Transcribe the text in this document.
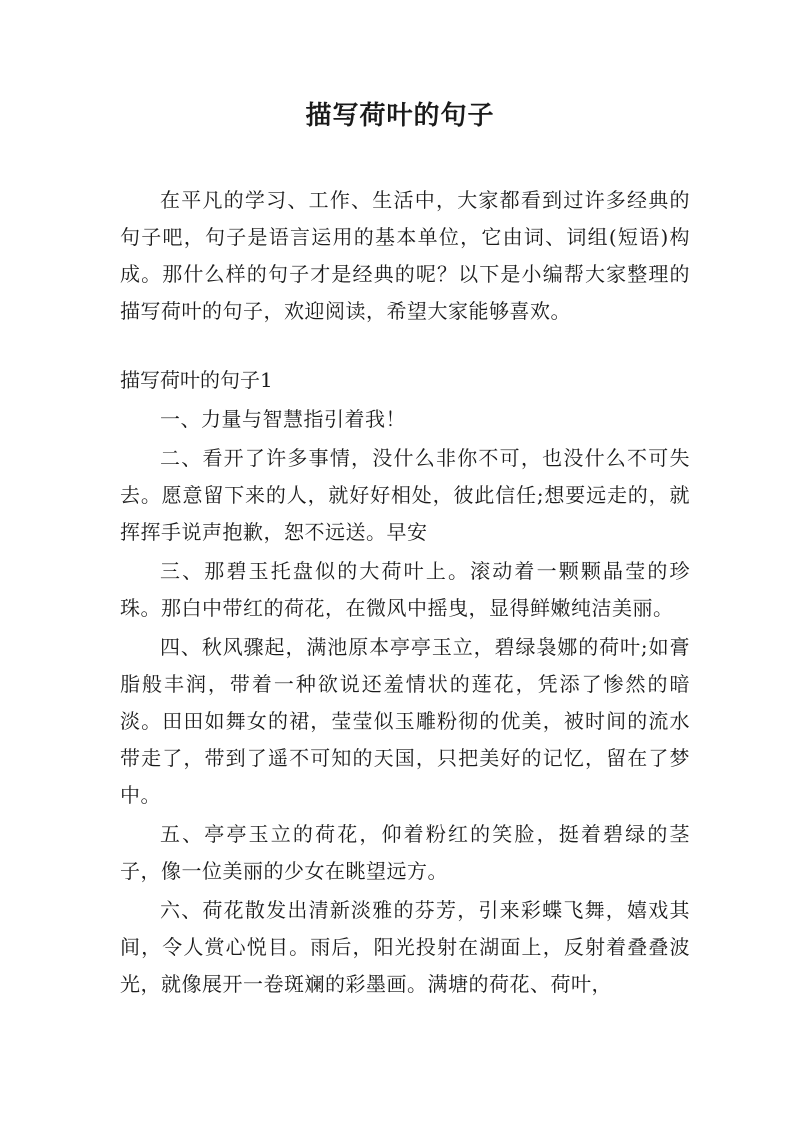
描写荷叶的句子

在平凡的学习、工作、生活中，大家都看到过许多经典的句子吧，句子是语言运用的基本单位，它由词、词组(短语)构成。那什么样的句子才是经典的呢？以下是小编帮大家整理的描写荷叶的句子，欢迎阅读，希望大家能够喜欢。

描写荷叶的句子1

一、力量与智慧指引着我！

二、看开了许多事情，没什么非你不可，也没什么不可失去。愿意留下来的人，就好好相处，彼此信任;想要远走的，就挥挥手说声抱歉，恕不远送。早安

三、那碧玉托盘似的大荷叶上。滚动着一颗颗晶莹的珍珠。那白中带红的荷花，在微风中摇曳，显得鲜嫩纯洁美丽。

四、秋风骤起，满池原本亭亭玉立，碧绿袅娜的荷叶;如膏脂般丰润，带着一种欲说还羞情状的莲花，凭添了惨然的暗淡。田田如舞女的裙，莹莹似玉雕粉彻的优美，被时间的流水带走了，带到了遥不可知的天国，只把美好的记忆，留在了梦中。

五、亭亭玉立的荷花，仰着粉红的笑脸，挺着碧绿的茎子，像一位美丽的少女在眺望远方。

六、荷花散发出清新淡雅的芬芳，引来彩蝶飞舞，嬉戏其间，令人赏心悦目。雨后，阳光投射在湖面上，反射着叠叠波光，就像展开一卷斑斓的彩墨画。满塘的荷花、荷叶，
